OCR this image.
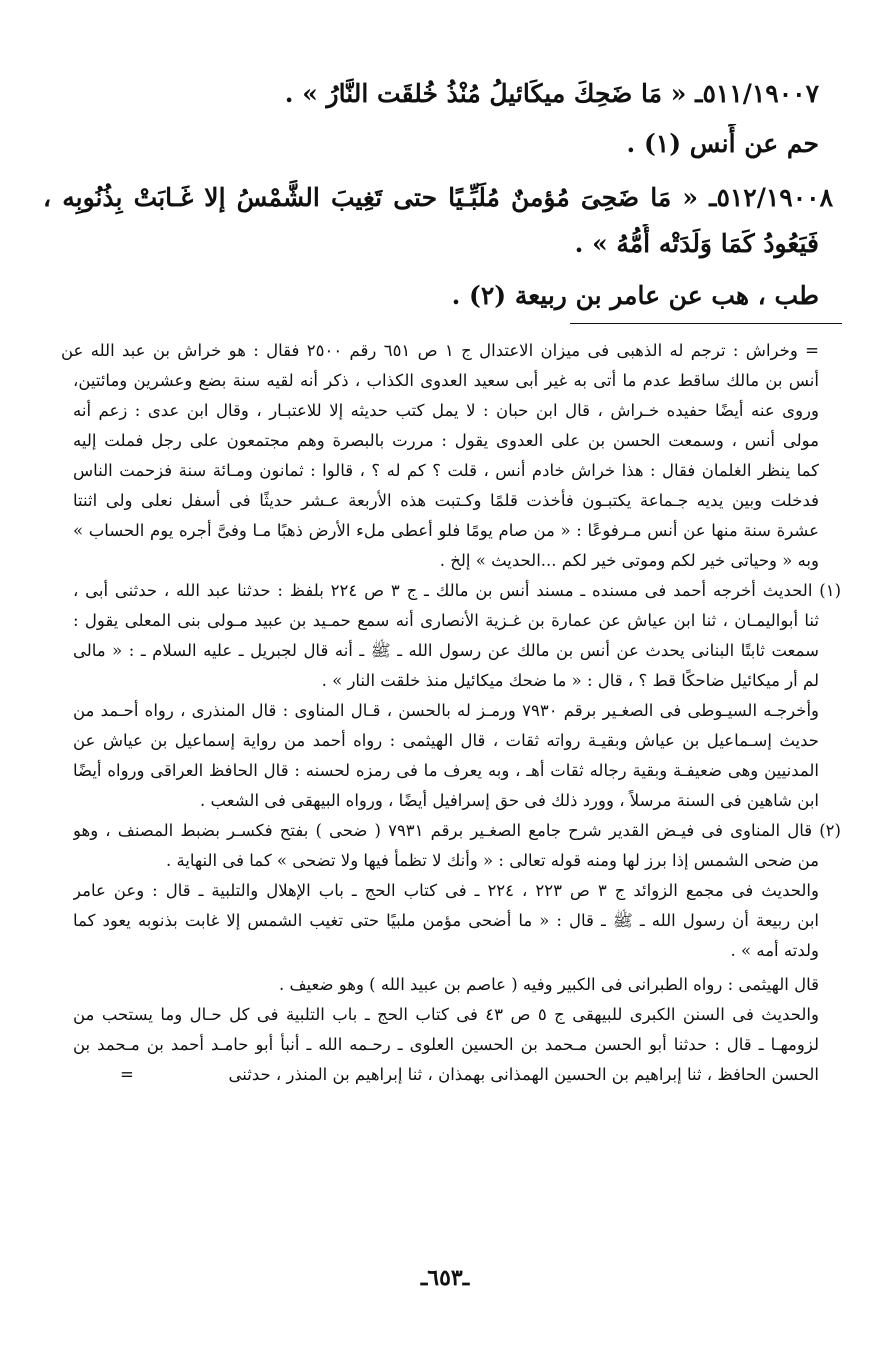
٥١١/١٩٠٠٧ـ « مَا ضَحِكَ ميكَائيلُ مُنْذُ خُلقَت النَّارُ » .
حم عن أَنس (١) .
٥١٢/١٩٠٠٨ـ « مَا ضَحِىَ مُؤمنٌ مُلَبِّـيًا حتى تَغِيبَ الشَّمْسُ إلا غَـابَتْ بِذُنُوبِه ،
فَيَعُودُ كَمَا وَلَدَتْه أُمُّهُ » .
طب ، هب عن عامر بن ربيعة (٢) .
= وخراش : ترجم له الذهبى فى ميزان الاعتدال ج ١ ص ٦٥١ رقم ٢٥٠٠ فقال : هو خراش بن عبد الله عن
أنس بن مالك ساقط عدم ما أتى به غير أبى سعيد العدوى الكذاب ، ذكر أنه لقيه سنة بضع وعشرين ومائتين،
وروى عنه أيضًا حفيده خـراش ، قال ابن حبان : لا يمل كتب حديثه إلا للاعتبـار ، وقال ابن عدى : زعم أنه
مولى أنس ، وسمعت الحسن بن على العدوى يقول : مررت بالبصرة وهم مجتمعون على رجل فملت إليه
كما ينظر الغلمان فقال : هذا خراش خادم أنس ، قلت ؟ كم له ؟ ، قالوا : ثمانون ومـائة سنة فزحمت الناس
فدخلت وبين يديه جـماعة يكتبـون فأخذت قلمًا وكـتبت هذه الأربعة عـشر حديثًا فى أسفل نعلى ولى اثنتا
عشرة سنة منها عن أنس مـرفوعًا : « من صام يومًا فلو أعطى ملء الأرض ذهبًا مـا وفىَّ أجره يوم الحساب »
وبه « وحياتى خير لكم وموتى خير لكم ...الحديث » إلخ .
(١) الحديث أخرجه أحمد فى مسنده ـ مسند أنس بن مالك ـ ج ٣ ص ٢٢٤ بلفظ : حدثنا عبد الله ، حدثنى أبى ،
ثنا أبواليمـان ، ثنا ابن عياش عن عمارة بن غـزية الأنصارى أنه سمع حمـيد بن عبيد مـولى بنى المعلى يقول :
سمعت ثابتًا البنانى يحدث عن أنس بن مالك عن رسول الله ـ ﷺ ـ أنه قال لجبريل ـ عليه السلام ـ : « مالى
لم أر ميكائيل ضاحكًا قط ؟ ، قال : « ما ضحك ميكائيل منذ خلقت النار » .
وأخرجـه السيـوطى فى الصغـير برقم ٧٩٣٠ ورمـز له بالحسن ، قـال المناوى : قال المنذرى ، رواه أحـمد من
حديث إسـماعيل بن عياش وبقيـة رواته ثقات ، قال الهيثمى : رواه أحمد من رواية إسماعيل بن عياش عن
المدنيين وهى ضعيفـة وبقية رجاله ثقات أهـ ، وبه يعرف ما فى رمزه لحسنه : قال الحافظ العراقى ورواه أيضًا
ابن شاهين فى السنة مرسلاً ، وورد ذلك فى حق إسرافيل أيضًا ، ورواه البيهقى فى الشعب .
(٢) قال المناوى فى فيـض القدير شرح جامع الصغـير برقم ٧٩٣١ ( ضحى ) بفتح فكسـر بضبط المصنف ، وهو
من ضحى الشمس إذا برز لها ومنه قوله تعالى : « وأنك لا تظمأ فيها ولا تضحى » كما فى النهاية .
والحديث فى مجمع الزوائد ج ٣ ص ٢٢٣ ، ٢٢٤ ـ فى كتاب الحج ـ باب الإهلال والتلبية ـ قال : وعن عامر
ابن ربيعة أن رسول الله ـ ﷺ ـ قال : « ما أضحى مؤمن ملبيًا حتى تغيب الشمس إلا غابت بذنوبه يعود كما
ولدته أمه » .
قال الهيثمى : رواه الطبرانى فى الكبير وفيه ( عاصم بن عبيد الله ) وهو ضعيف .
والحديث فى السنن الكبرى للبيهقى ج ٥ ص ٤٣ فى كتاب الحج ـ باب التلبية فى كل حـال وما يستحب من
لزومهـا ـ قال : حدثنا أبو الحسن مـحمد بن الحسين العلوى ـ رحـمه الله ـ أنبأ أبو حامـد أحمد بن مـحمد بن
الحسن الحافظ ، ثنا إبراهيم بن الحسين الهمذانى بهمذان ، ثنا إبراهيم بن المنذر ، حدثنى
=
ـ٦٥٣ـ
